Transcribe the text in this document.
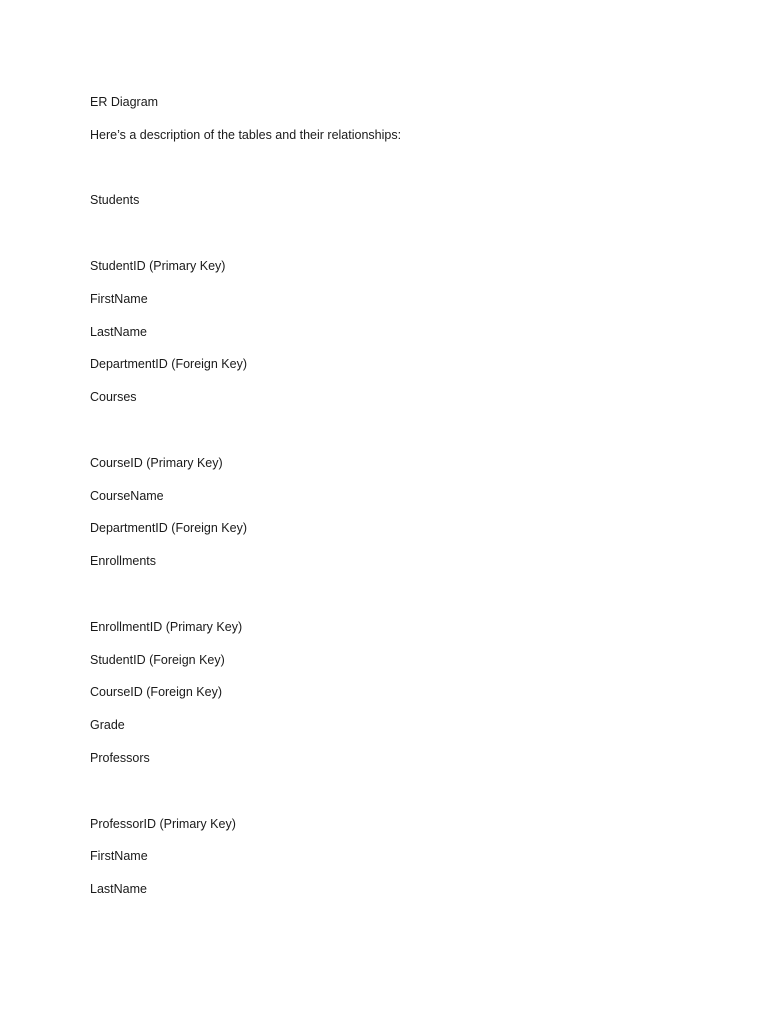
ER Diagram
Here’s a description of the tables and their relationships:
Students
StudentID (Primary Key)
FirstName
LastName
DepartmentID (Foreign Key)
Courses
CourseID (Primary Key)
CourseName
DepartmentID (Foreign Key)
Enrollments
EnrollmentID (Primary Key)
StudentID (Foreign Key)
CourseID (Foreign Key)
Grade
Professors
ProfessorID (Primary Key)
FirstName
LastName
